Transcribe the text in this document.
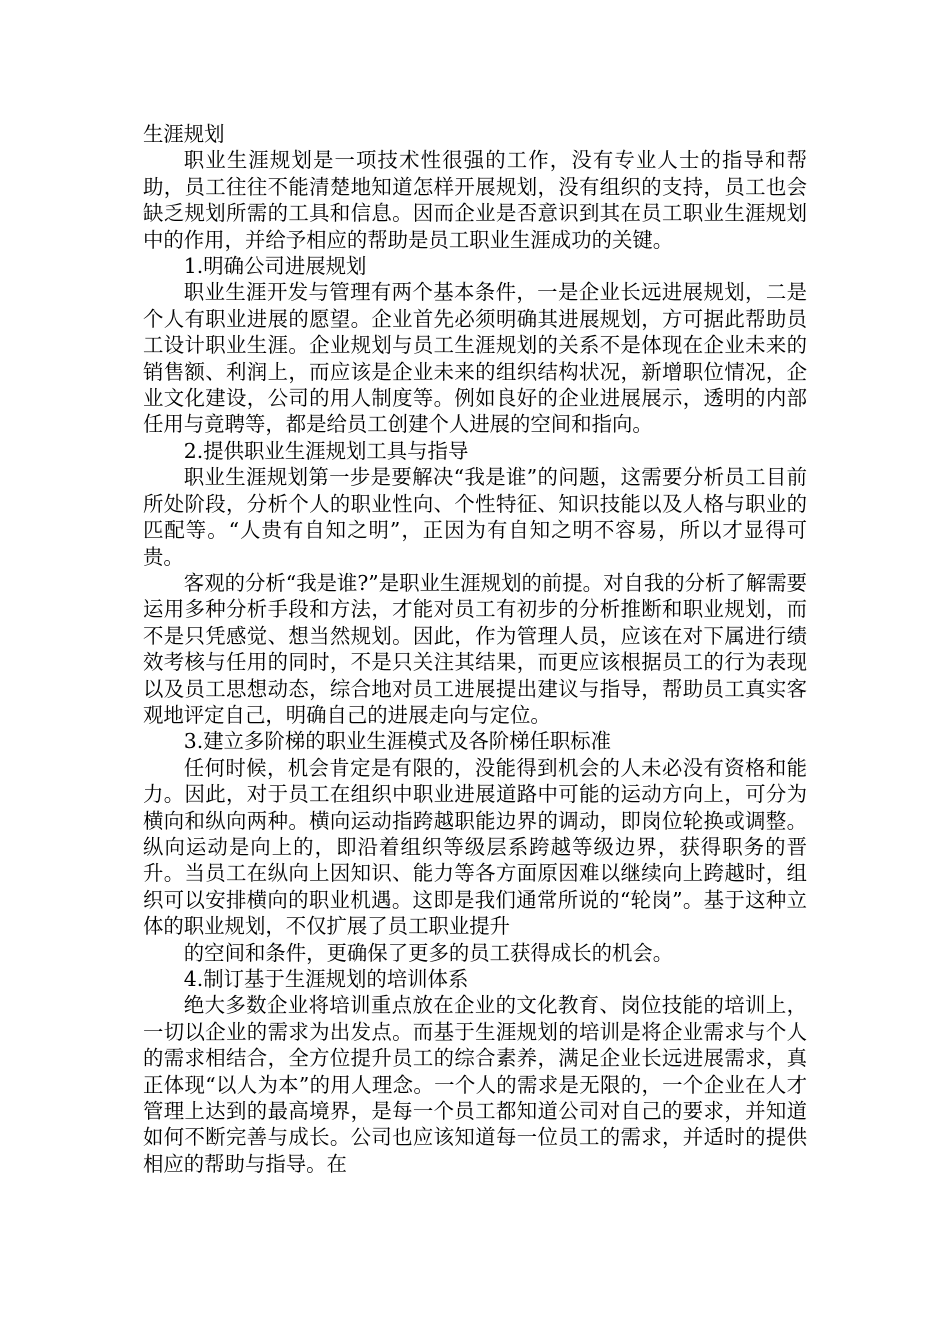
生涯规划

职业生涯规划是一项技术性很强的工作，没有专业人士的指导和帮助，员工往往不能清楚地知道怎样开展规划，没有组织的支持，员工也会缺乏规划所需的工具和信息。因而企业是否意识到其在员工职业生涯规划中的作用，并给予相应的帮助是员工职业生涯成功的关键。

1.明确公司进展规划

职业生涯开发与管理有两个基本条件，一是企业长远进展规划，二是个人有职业进展的愿望。企业首先必须明确其进展规划，方可据此帮助员工设计职业生涯。企业规划与员工生涯规划的关系不是体现在企业未来的销售额、利润上，而应该是企业未来的组织结构状况，新增职位情况，企业文化建设，公司的用人制度等。例如良好的企业进展展示，透明的内部任用与竟聘等，都是给员工创建个人进展的空间和指向。

2.提供职业生涯规划工具与指导

职业生涯规划第一步是要解决“我是谁”的问题，这需要分析员工目前所处阶段，分析个人的职业性向、个性特征、知识技能以及人格与职业的匹配等。“人贵有自知之明”，正因为有自知之明不容易，所以才显得可贵。

客观的分析“我是谁?”是职业生涯规划的前提。对自我的分析了解需要运用多种分析手段和方法，才能对员工有初步的分析推断和职业规划，而不是只凭感觉、想当然规划。因此，作为管理人员，应该在对下属进行绩效考核与任用的同时，不是只关注其结果，而更应该根据员工的行为表现以及员工思想动态，综合地对员工进展提出建议与指导，帮助员工真实客观地评定自己，明确自己的进展走向与定位。

3.建立多阶梯的职业生涯模式及各阶梯任职标准

任何时候，机会肯定是有限的，没能得到机会的人未必没有资格和能力。因此，对于员工在组织中职业进展道路中可能的运动方向上，可分为横向和纵向两种。横向运动指跨越职能边界的调动，即岗位轮换或调整。纵向运动是向上的，即沿着组织等级层系跨越等级边界，获得职务的晋升。当员工在纵向上因知识、能力等各方面原因难以继续向上跨越时，组织可以安排横向的职业机遇。这即是我们通常所说的“轮岗”。基于这种立体的职业规划，不仅扩展了员工职业提升

的空间和条件，更确保了更多的员工获得成长的机会。

4.制订基于生涯规划的培训体系

绝大多数企业将培训重点放在企业的文化教育、岗位技能的培训上，一切以企业的需求为出发点。而基于生涯规划的培训是将企业需求与个人的需求相结合，全方位提升员工的综合素养，满足企业长远进展需求，真正体现“以人为本”的用人理念。一个人的需求是无限的，一个企业在人才管理上达到的最高境界，是每一个员工都知道公司对自己的要求，并知道如何不断完善与成长。公司也应该知道每一位员工的需求，并适时的提供相应的帮助与指导。在
